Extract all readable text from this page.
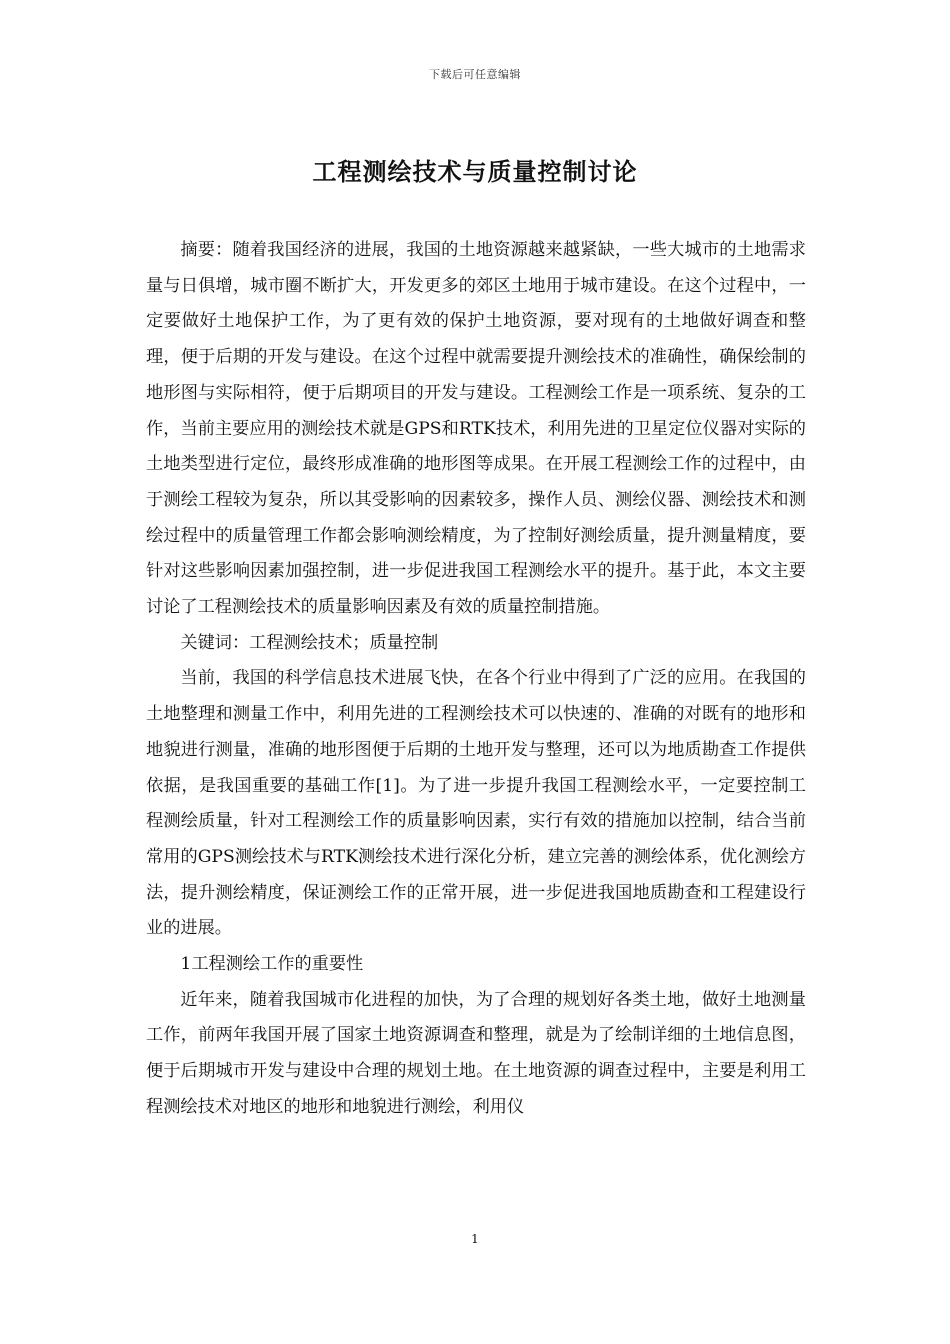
下载后可任意编辑
工程测绘技术与质量控制讨论

摘要：随着我国经济的进展，我国的土地资源越来越紧缺，一些大城市的土地需求量与日俱增，城市圈不断扩大，开发更多的郊区土地用于城市建设。在这个过程中，一定要做好土地保护工作，为了更有效的保护土地资源，要对现有的土地做好调查和整理，便于后期的开发与建设。在这个过程中就需要提升测绘技术的准确性，确保绘制的地形图与实际相符，便于后期项目的开发与建设。工程测绘工作是一项系统、复杂的工作，当前主要应用的测绘技术就是GPS和RTK技术，利用先进的卫星定位仪器对实际的土地类型进行定位，最终形成准确的地形图等成果。在开展工程测绘工作的过程中，由于测绘工程较为复杂，所以其受影响的因素较多，操作人员、测绘仪器、测绘技术和测绘过程中的质量管理工作都会影响测绘精度，为了控制好测绘质量，提升测量精度，要针对这些影响因素加强控制，进一步促进我国工程测绘水平的提升。基于此，本文主要讨论了工程测绘技术的质量影响因素及有效的质量控制措施。

关键词：工程测绘技术；质量控制

当前，我国的科学信息技术进展飞快，在各个行业中得到了广泛的应用。在我国的土地整理和测量工作中，利用先进的工程测绘技术可以快速的、准确的对既有的地形和地貌进行测量，准确的地形图便于后期的土地开发与整理，还可以为地质勘查工作提供依据，是我国重要的基础工作[1]。为了进一步提升我国工程测绘水平，一定要控制工程测绘质量，针对工程测绘工作的质量影响因素，实行有效的措施加以控制，结合当前常用的GPS测绘技术与RTK测绘技术进行深化分析，建立完善的测绘体系，优化测绘方法，提升测绘精度，保证测绘工作的正常开展，进一步促进我国地质勘查和工程建设行业的进展。

1工程测绘工作的重要性

近年来，随着我国城市化进程的加快，为了合理的规划好各类土地，做好土地测量工作，前两年我国开展了国家土地资源调查和整理，就是为了绘制详细的土地信息图，便于后期城市开发与建设中合理的规划土地。在土地资源的调查过程中，主要是利用工程测绘技术对地区的地形和地貌进行测绘，利用仪

1
